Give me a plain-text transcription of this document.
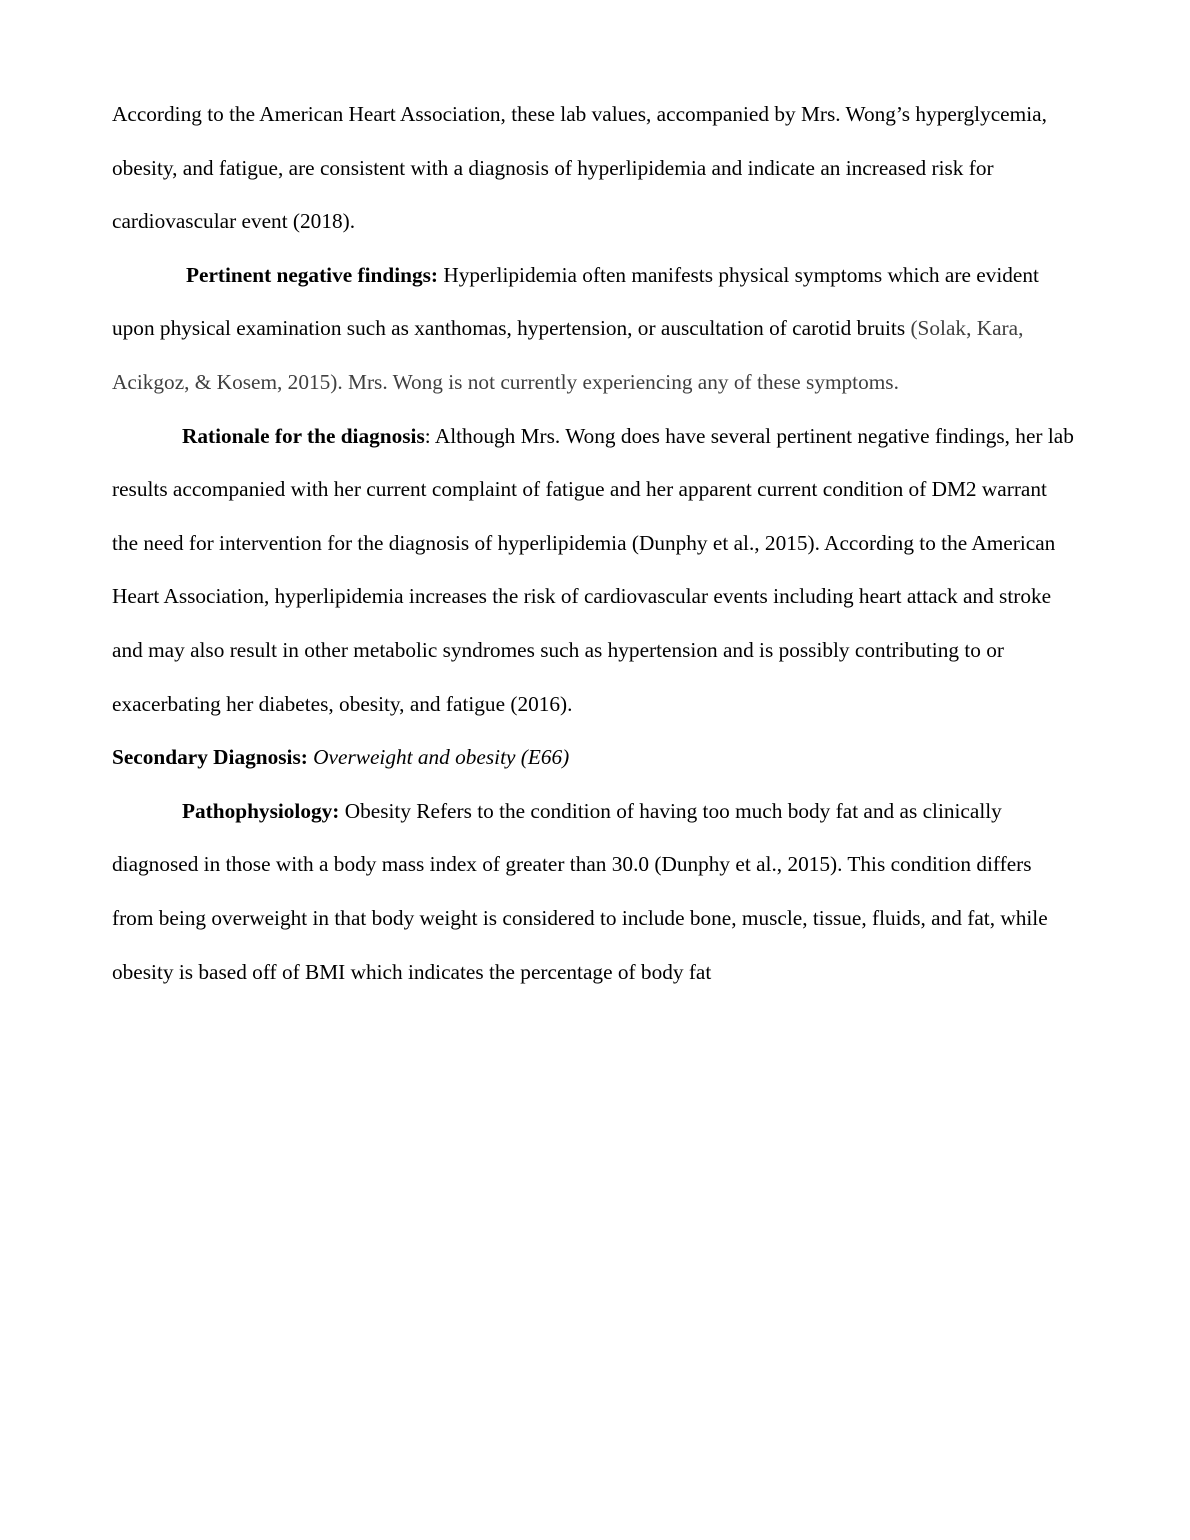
According to the American Heart Association, these lab values, accompanied by Mrs. Wong’s hyperglycemia, obesity, and fatigue, are consistent with a diagnosis of hyperlipidemia and indicate an increased risk for cardiovascular event (2018).

Pertinent negative findings: Hyperlipidemia often manifests physical symptoms which are evident upon physical examination such as xanthomas, hypertension, or auscultation of carotid bruits (Solak, Kara, Acikgoz, & Kosem, 2015). Mrs. Wong is not currently experiencing any of these symptoms.

Rationale for the diagnosis: Although Mrs. Wong does have several pertinent negative findings, her lab results accompanied with her current complaint of fatigue and her apparent current condition of DM2 warrant the need for intervention for the diagnosis of hyperlipidemia (Dunphy et al., 2015). According to the American Heart Association, hyperlipidemia increases the risk of cardiovascular events including heart attack and stroke and may also result in other metabolic syndromes such as hypertension and is possibly contributing to or exacerbating her diabetes, obesity, and fatigue (2016).

Secondary Diagnosis: Overweight and obesity (E66)

Pathophysiology: Obesity Refers to the condition of having too much body fat and as clinically diagnosed in those with a body mass index of greater than 30.0 (Dunphy et al., 2015). This condition differs from being overweight in that body weight is considered to include bone, muscle, tissue, fluids, and fat, while obesity is based off of BMI which indicates the percentage of body fat
